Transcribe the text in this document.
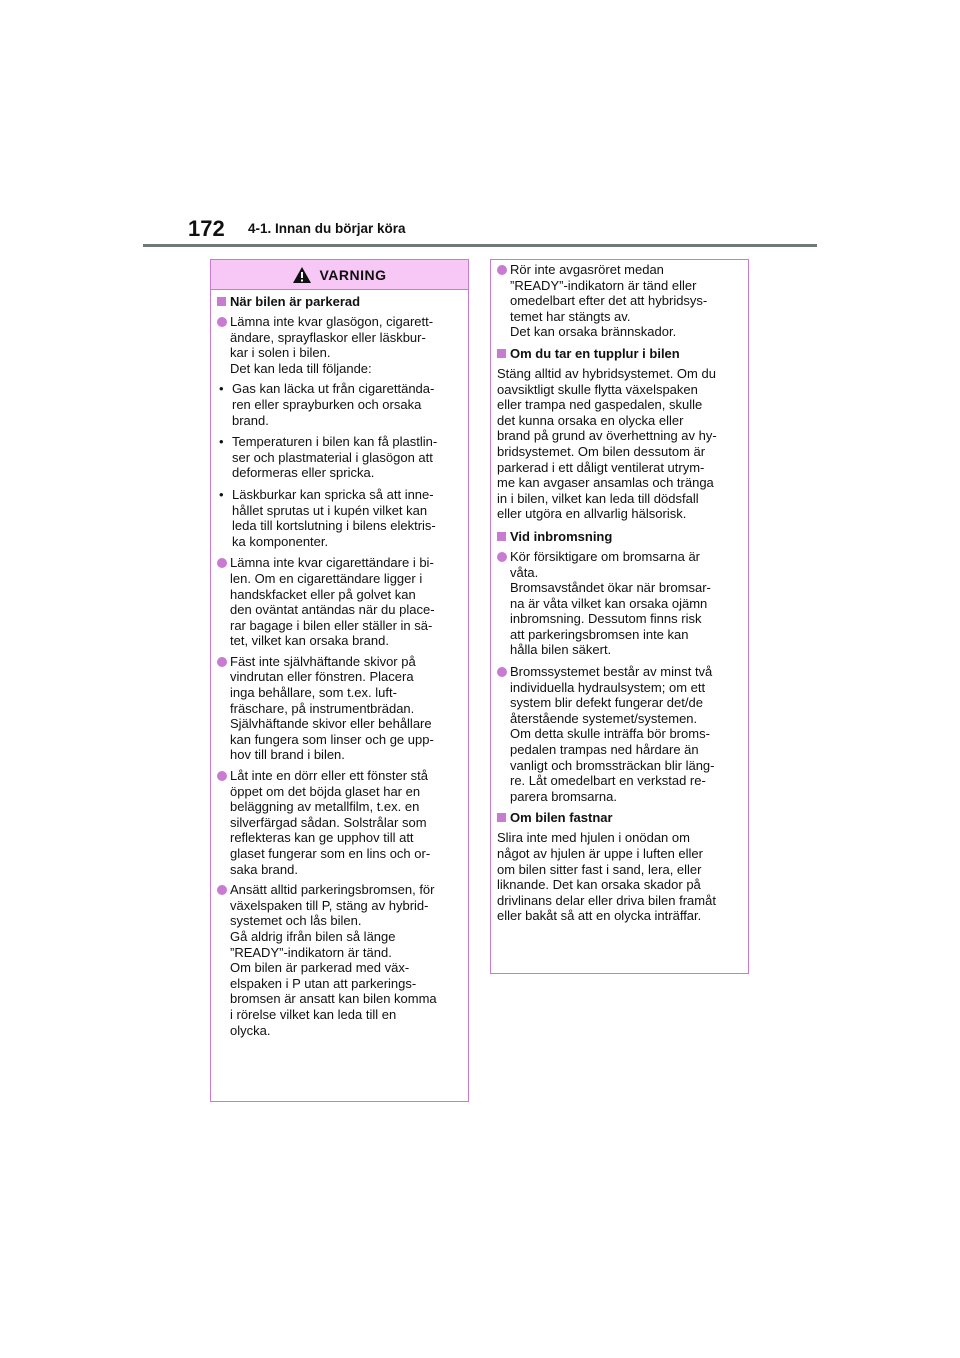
172 4-1. Innan du börjar köra
VARNING
När bilen är parkerad
Lämna inte kvar glasögon, cigarett-
ändare, sprayflaskor eller läskbur-
kar i solen i bilen.
Det kan leda till följande:
• Gas kan läcka ut från cigarettända-
ren eller sprayburken och orsaka
brand.
• Temperaturen i bilen kan få plastlin-
ser och plastmaterial i glasögon att
deformeras eller spricka.
• Läskburkar kan spricka så att inne-
hållet sprutas ut i kupén vilket kan
leda till kortslutning i bilens elektris-
ka komponenter.
Lämna inte kvar cigarettändare i bi-
len. Om en cigarettändare ligger i
handskfacket eller på golvet kan
den oväntat antändas när du place-
rar bagage i bilen eller ställer in sä-
tet, vilket kan orsaka brand.
Fäst inte självhäftande skivor på
vindrutan eller fönstren. Placera
inga behållare, som t.ex. luft-
fräschare, på instrumentbrädan.
Självhäftande skivor eller behållare
kan fungera som linser och ge upp-
hov till brand i bilen.
Låt inte en dörr eller ett fönster stå
öppet om det böjda glaset har en
beläggning av metallfilm, t.ex. en
silverfärgad sådan. Solstrålar som
reflekteras kan ge upphov till att
glaset fungerar som en lins och or-
saka brand.
Ansätt alltid parkeringsbromsen, för
växelspaken till P, stäng av hybrid-
systemet och lås bilen.
Gå aldrig ifrån bilen så länge
”READY”-indikatorn är tänd.
Om bilen är parkerad med väx-
elspaken i P utan att parkerings-
bromsen är ansatt kan bilen komma
i rörelse vilket kan leda till en
olycka.
Rör inte avgasröret medan
”READY”-indikatorn är tänd eller
omedelbart efter det att hybridsys-
temet har stängts av.
Det kan orsaka brännskador.
Om du tar en tupplur i bilen
Stäng alltid av hybridsystemet. Om du
oavsiktligt skulle flytta växelspaken
eller trampa ned gaspedalen, skulle
det kunna orsaka en olycka eller
brand på grund av överhettning av hy-
bridsystemet. Om bilen dessutom är
parkerad i ett dåligt ventilerat utrym-
me kan avgaser ansamlas och tränga
in i bilen, vilket kan leda till dödsfall
eller utgöra en allvarlig hälsorisk.
Vid inbromsning
Kör försiktigare om bromsarna är
våta.
Bromsavståndet ökar när bromsar-
na är våta vilket kan orsaka ojämn
inbromsning. Dessutom finns risk
att parkeringsbromsen inte kan
hålla bilen säkert.
Bromssystemet består av minst två
individuella hydraulsystem; om ett
system blir defekt fungerar det/de
återstående systemet/systemen.
Om detta skulle inträffa bör broms-
pedalen trampas ned hårdare än
vanligt och bromssträckan blir läng-
re. Låt omedelbart en verkstad re-
parera bromsarna.
Om bilen fastnar
Slira inte med hjulen i onödan om
något av hjulen är uppe i luften eller
om bilen sitter fast i sand, lera, eller
liknande. Det kan orsaka skador på
drivlinans delar eller driva bilen framåt
eller bakåt så att en olycka inträffar.
